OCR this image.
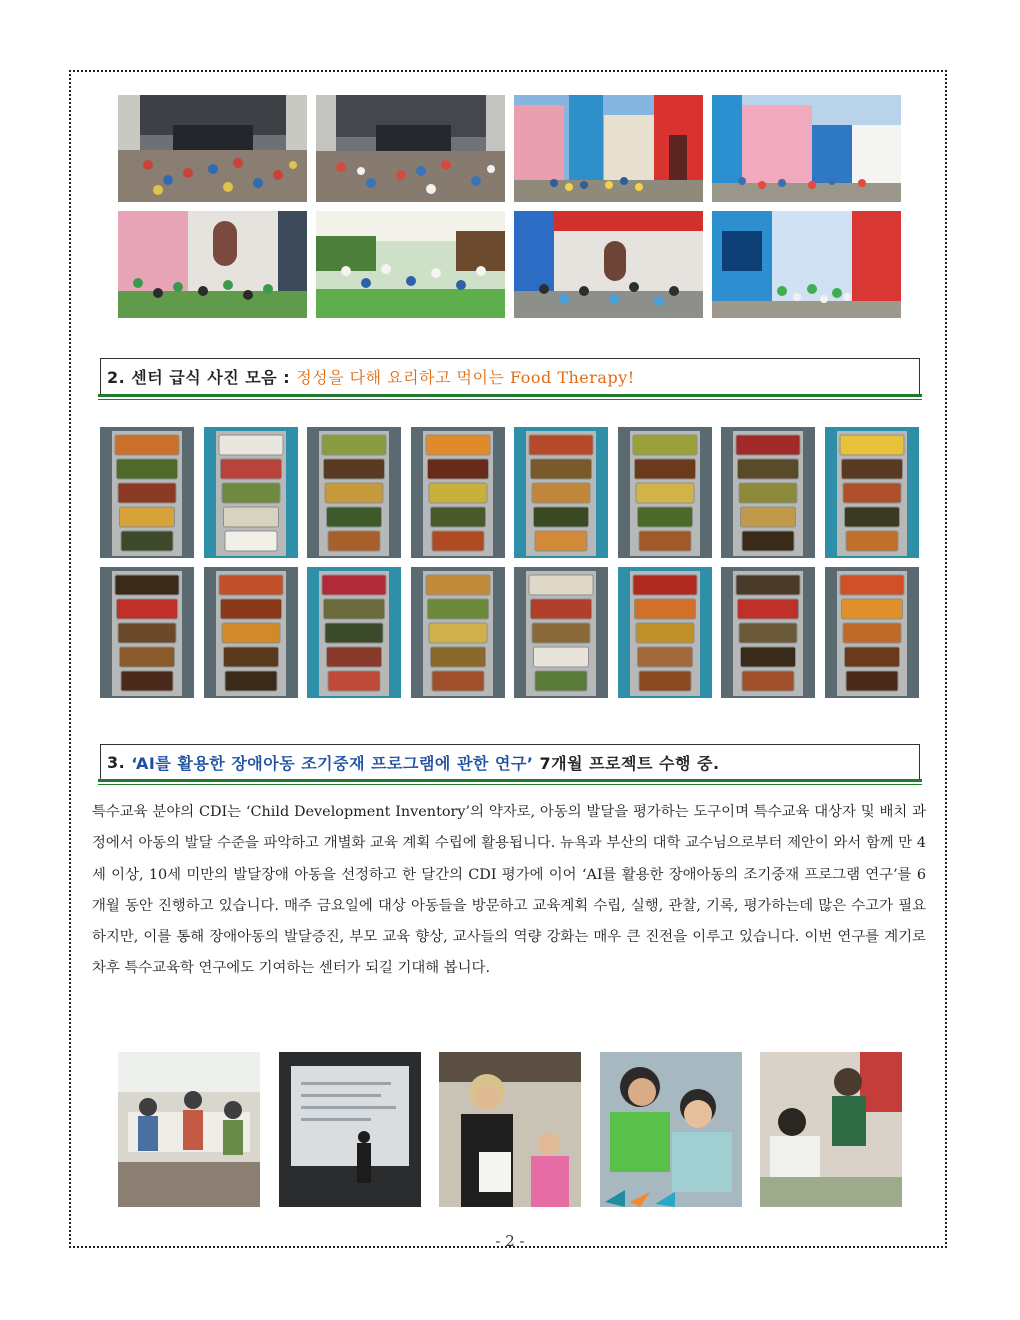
2. 센터 급식 사진 모음 : 정성을 다해 요리하고 먹이는 Food Therapy!
3. ‘AI를 활용한 장애아동 조기중재 프로그램에 관한 연구’ 7개월 프로젝트 수행 중.
특수교육 분야의 CDI는 ‘Child Development Inventory’의 약자로, 아동의 발달을 평가하는 도구이며 특수교육 대상자 및 배치 과정에서 아동의 발달 수준을 파악하고 개별화 교육 계획 수립에 활용됩니다. 뉴욕과 부산의 대학 교수님으로부터 제안이 와서 함께 만 4세 이상, 10세 미만의 발달장애 아동을 선정하고 한 달간의 CDI 평가에 이어 ‘AI를 활용한 장애아동의 조기중재 프로그램 연구’를 6개월 동안 진행하고 있습니다. 매주 금요일에 대상 아동들을 방문하고 교육계획 수립, 실행, 관찰, 기록, 평가하는데 많은 수고가 필요하지만, 이를 통해 장애아동의 발달증진, 부모 교육 향상, 교사들의 역량 강화는 매우 큰 진전을 이루고 있습니다. 이번 연구를 계기로 차후 특수교육학 연구에도 기여하는 센터가 되길 기대해 봅니다.
- 2 -
